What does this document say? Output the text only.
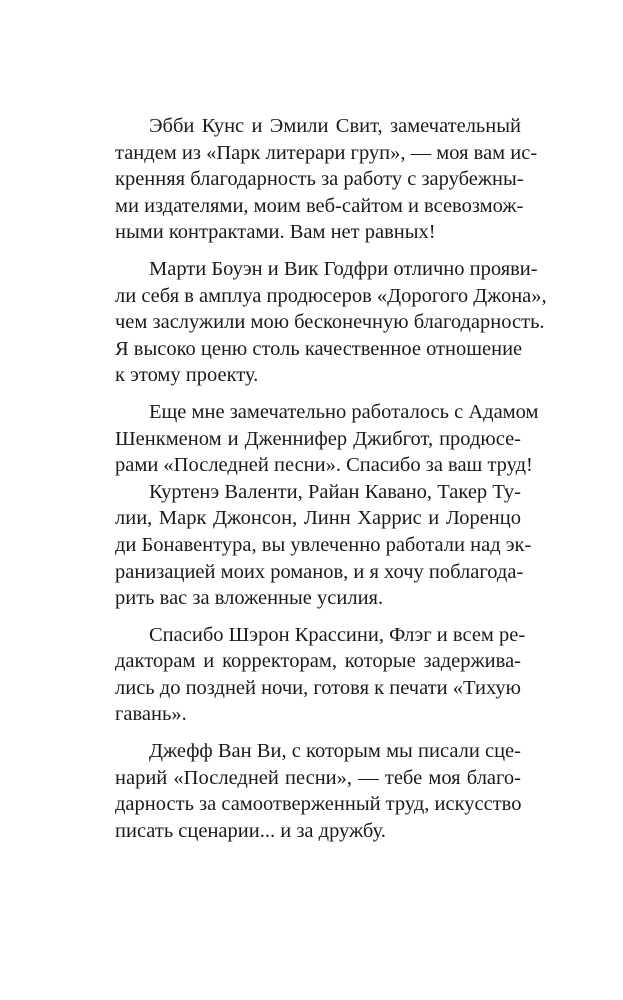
Эбби Кунс и Эмили Свит, замечательный
тандем из «Парк литерари груп», — моя вам ис-
кренняя благодарность за работу с зарубежны-
ми издателями, моим веб-сайтом и всевозмож-
ными контрактами. Вам нет равных!
Марти Боуэн и Вик Годфри отлично прояви-
ли себя в амплуа продюсеров «Дорогого Джона»,
чем заслужили мою бесконечную благодарность.
Я высоко ценю столь качественное отношение
к этому проекту.
Еще мне замечательно работалось с Адамом
Шенкменом и Дженнифер Джибгот, продюсе-
рами «Последней песни». Спасибо за ваш труд!
Куртенэ Валенти, Райан Кавано, Такер Ту-
лии, Марк Джонсон, Линн Харрис и Лоренцо
ди Бонавентура, вы увлеченно работали над эк-
ранизацией моих романов, и я хочу поблагода-
рить вас за вложенные усилия.
Спасибо Шэрон Крассини, Флэг и всем ре-
дакторам и корректорам, которые задержива-
лись до поздней ночи, готовя к печати «Тихую
гавань».
Джефф Ван Ви, с которым мы писали сце-
нарий «Последней песни», — тебе моя благо-
дарность за самоотверженный труд, искусство
писать сценарии... и за дружбу.
